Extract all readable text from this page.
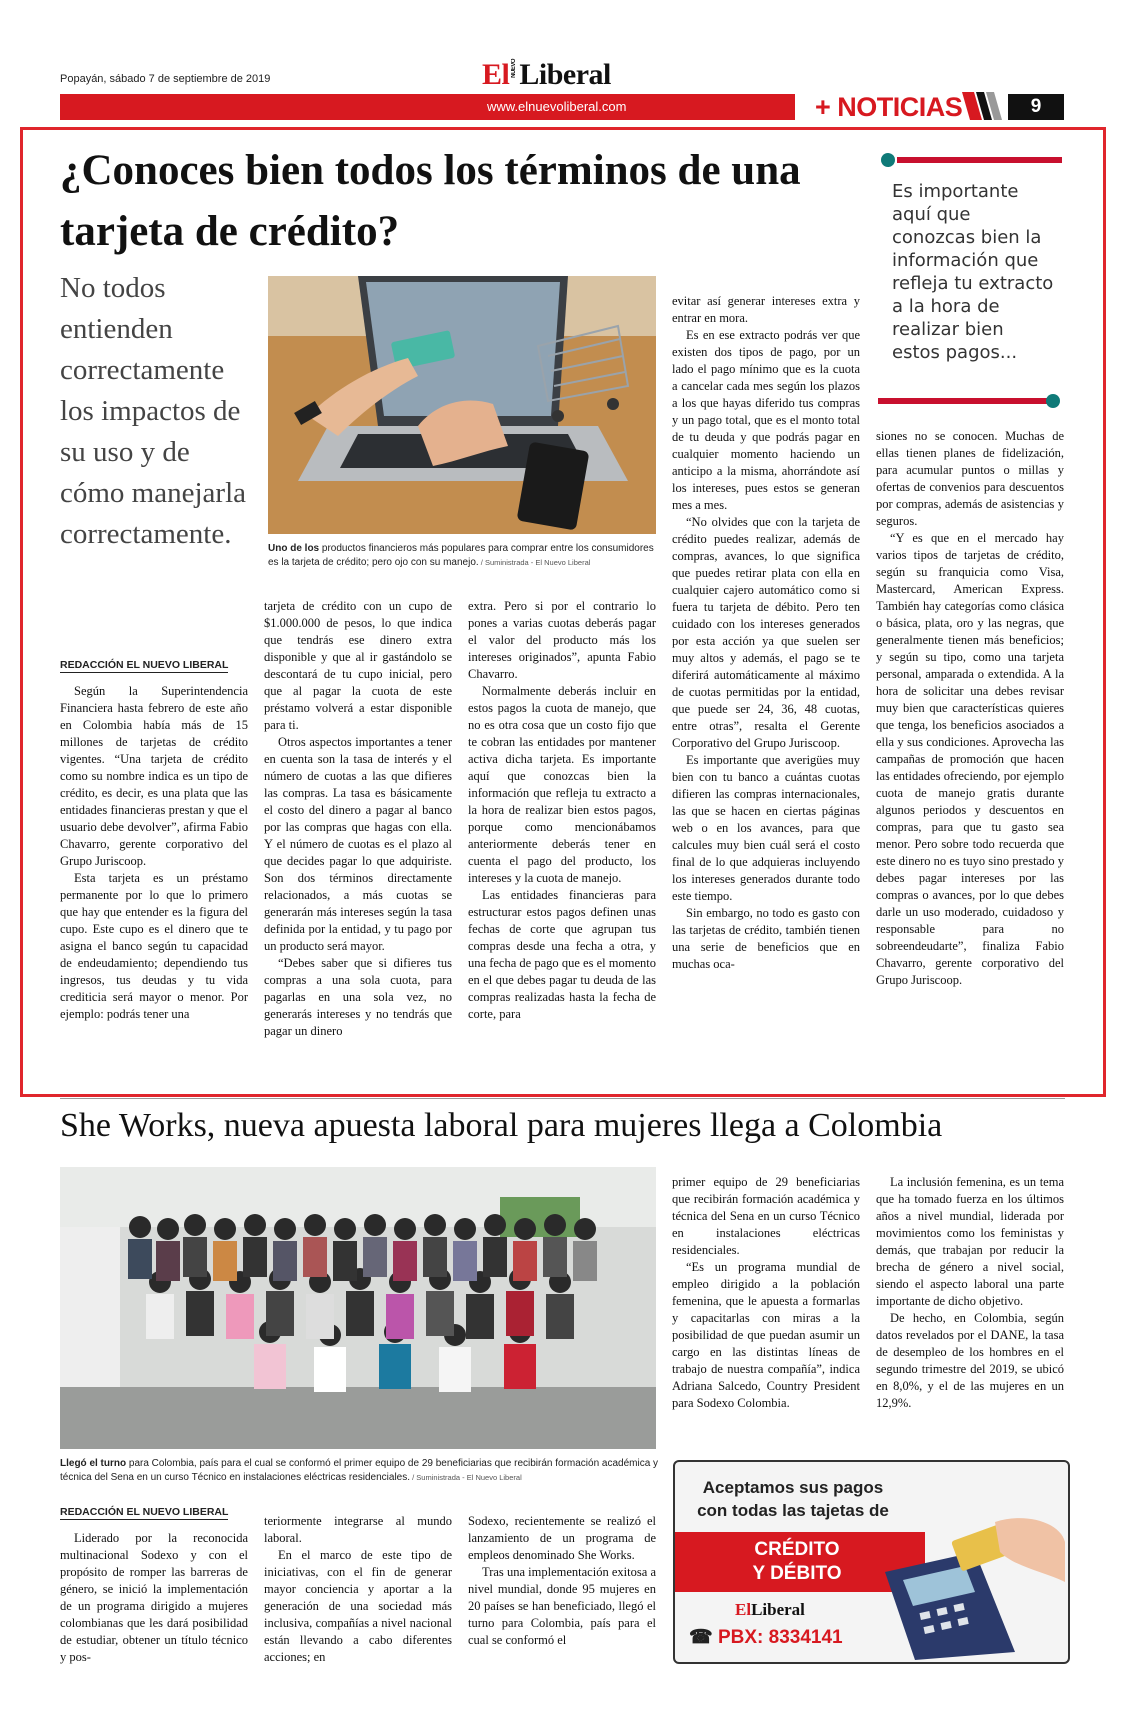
Popayán, sábado 7 de septiembre de 2019	El NUEVOLiberal
www.elnuevoliberal.com	+ NOTICIAS	9
¿Conoces bien todos los términos de una tarjeta de crédito?
No todos entienden correctamente los impactos de su uso y de cómo manejarla correctamente.
REDACCIÓN EL NUEVO LIBERAL
Uno de los productos financieros más populares para comprar entre los consumidores es la tarjeta de crédito; pero ojo con su manejo. / Suministrada - El Nuevo Liberal
Es importante aquí que conozcas bien la información que refleja tu extracto a la hora de realizar bien estos pagos...

Según la Superintendencia Financiera hasta febrero de este año en Colombia había más de 15 millones de tarjetas de crédito vigentes. “Una tarjeta de crédito como su nombre indica es un tipo de crédito, es decir, es una plata que las entidades financieras prestan y que el usuario debe devolver”, afirma Fabio Chavarro, gerente corporativo del Grupo Juriscoop.

Esta tarjeta es un préstamo permanente por lo que lo primero que hay que entender es la figura del cupo. Este cupo es el dinero que te asigna el banco según tu capacidad de endeudamiento; dependiendo tus ingresos, tus deudas y tu vida crediticia será mayor o menor. Por ejemplo: podrás tener una

tarjeta de crédito con un cupo de $1.000.000 de pesos, lo que indica que tendrás ese dinero extra disponible y que al ir gastándolo se descontará de tu cupo inicial, pero que al pagar la cuota de este préstamo volverá a estar disponible para ti.

Otros aspectos importantes a tener en cuenta son la tasa de interés y el número de cuotas a las que difieres las compras. La tasa es básicamente el costo del dinero a pagar al banco por las compras que hagas con ella. Y el número de cuotas es el plazo al que decides pagar lo que adquiriste. Son dos términos directamente relacionados, a más cuotas se generarán más intereses según la tasa definida por la entidad, y tu pago por un producto será mayor.

“Debes saber que si difieres tus compras a una sola cuota, para pagarlas en una sola vez, no generarás intereses y no tendrás que pagar un dinero

extra. Pero si por el contrario lo pones a varias cuotas deberás pagar el valor del producto más los intereses originados”, apunta Fabio Chavarro.

Normalmente deberás incluir en estos pagos la cuota de manejo, que no es otra cosa que un costo fijo que te cobran las entidades por mantener activa dicha tarjeta. Es importante aquí que conozcas bien la información que refleja tu extracto a la hora de realizar bien estos pagos, porque como mencionábamos anteriormente deberás tener en cuenta el pago del producto, los intereses y la cuota de manejo.

Las entidades financieras para estructurar estos pagos definen unas fechas de corte que agrupan tus compras desde una fecha a otra, y una fecha de pago que es el momento en el que debes pagar tu deuda de las compras realizadas hasta la fecha de corte, para

evitar así generar intereses extra y entrar en mora.

Es en ese extracto podrás ver que existen dos tipos de pago, por un lado el pago mínimo que es la cuota a cancelar cada mes según los plazos a los que hayas diferido tus compras y un pago total, que es el monto total de tu deuda y que podrás pagar en cualquier momento haciendo un anticipo a la misma, ahorrándote así los intereses, pues estos se generan mes a mes.

“No olvides que con la tarjeta de crédito puedes realizar, además de compras, avances, lo que significa que puedes retirar plata con ella en cualquier cajero automático como si fuera tu tarjeta de débito. Pero ten cuidado con los intereses generados por esta acción ya que suelen ser muy altos y además, el pago se te diferirá automáticamente al máximo de cuotas permitidas por la entidad, que puede ser 24, 36, 48 cuotas, entre otras”, resalta el Gerente Corporativo del Grupo Juriscoop.

Es importante que averigües muy bien con tu banco a cuántas cuotas difieren las compras internacionales, las que se hacen en ciertas páginas web o en los avances, para que calcules muy bien cuál será el costo final de lo que adquieras incluyendo los intereses generados durante todo este tiempo.

Sin embargo, no todo es gasto con las tarjetas de crédito, también tienen una serie de beneficios que en muchas oca-

siones no se conocen. Muchas de ellas tienen planes de fidelización, para acumular puntos o millas y ofertas de convenios para descuentos por compras, además de asistencias y seguros.

“Y es que en el mercado hay varios tipos de tarjetas de crédito, según su franquicia como Visa, Mastercard, American Express. También hay categorías como clásica o básica, plata, oro y las negras, que generalmente tienen más beneficios; y según su tipo, como una tarjeta personal, amparada o extendida. A la hora de solicitar una debes revisar muy bien que características quieres que tenga, los beneficios asociados a ella y sus condiciones. Aprovecha las campañas de promoción que hacen las entidades ofreciendo, por ejemplo cuota de manejo gratis durante algunos periodos y descuentos en compras, para que tu gasto sea menor. Pero sobre todo recuerda que este dinero no es tuyo sino prestado y debes pagar intereses por las compras o avances, por lo que debes darle un uso moderado, cuidadoso y responsable para no sobreendeudarte”, finaliza Fabio Chavarro, gerente corporativo del Grupo Juriscoop.

She Works, nueva apuesta laboral para mujeres llega a Colombia
Llegó el turno para Colombia, país para el cual se conformó el primer equipo de 29 beneficiarias que recibirán formación académica y técnica del Sena en un curso Técnico en instalaciones eléctricas residenciales. / Suministrada - El Nuevo Liberal
REDACCIÓN EL NUEVO LIBERAL

Liderado por la reconocida multinacional Sodexo y con el propósito de romper las barreras de género, se inició la implementación de un programa dirigido a mujeres colombianas que les dará posibilidad de estudiar, obtener un título técnico y pos-

teriormente integrarse al mundo laboral.

En el marco de este tipo de iniciativas, con el fin de generar mayor conciencia y aportar a la generación de una sociedad más inclusiva, compañías a nivel nacional están llevando a cabo diferentes acciones; en

Sodexo, recientemente se realizó el lanzamiento de un programa de empleos denominado She Works.

Tras una implementación exitosa a nivel mundial, donde 95 mujeres en 20 países se han beneficiado, llegó el turno para Colombia, país para el cual se conformó el

primer equipo de 29 beneficiarias que recibirán formación académica y técnica del Sena en un curso Técnico en instalaciones eléctricas residenciales.

“Es un programa mundial de empleo dirigido a la población femenina, que le apuesta a formarlas y capacitarlas con miras a la posibilidad de que puedan asumir un cargo en las distintas líneas de trabajo de nuestra compañía”, indica Adriana Salcedo, Country President para Sodexo Colombia.

La inclusión femenina, es un tema que ha tomado fuerza en los últimos años a nivel mundial, liderada por movimientos como los feministas y demás, que trabajan por reducir la brecha de género a nivel social, siendo el aspecto laboral una parte importante de dicho objetivo.

De hecho, en Colombia, según datos revelados por el DANE, la tasa de desempleo de los hombres en el segundo trimestre del 2019, se ubicó en 8,0%, y el de las mujeres en un 12,9%.

Aceptamos sus pagos
con todas las tajetas de
CRÉDITO
Y DÉBITO
ElLiberal
☎ PBX: 8334141
